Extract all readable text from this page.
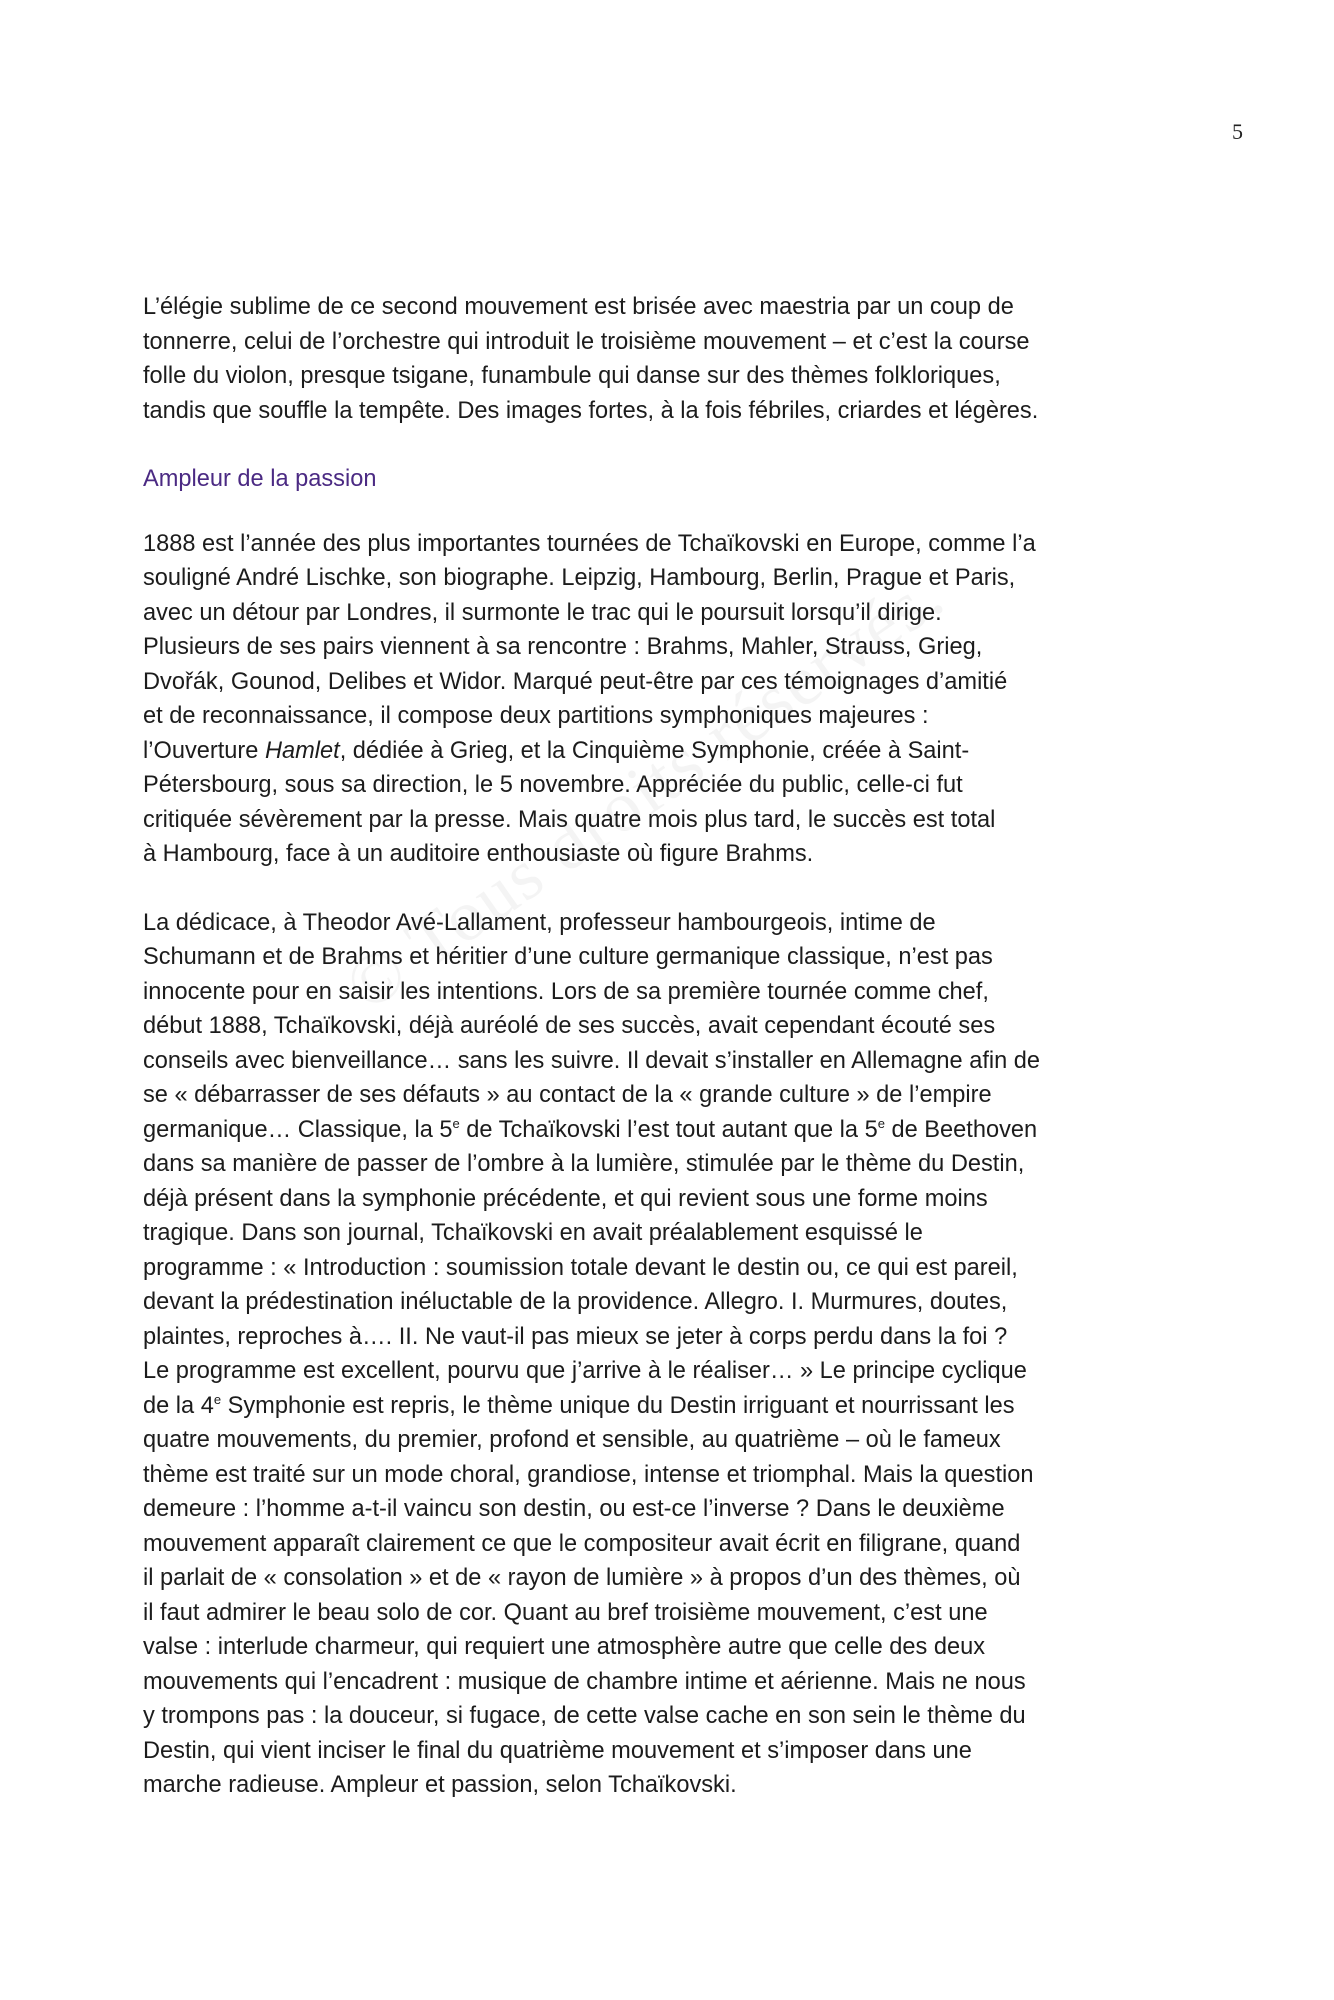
5

L’élégie sublime de ce second mouvement est brisée avec maestria par un coup de
tonnerre, celui de l’orchestre qui introduit le troisième mouvement – et c’est la course
folle du violon, presque tsigane, funambule qui danse sur des thèmes folkloriques,
tandis que souffle la tempête. Des images fortes, à la fois fébriles, criardes et légères.

Ampleur de la passion

1888 est l’année des plus importantes tournées de Tchaïkovski en Europe, comme l’a
souligné André Lischke, son biographe. Leipzig, Hambourg, Berlin, Prague et Paris,
avec un détour par Londres, il surmonte le trac qui le poursuit lorsqu’il dirige.
Plusieurs de ses pairs viennent à sa rencontre : Brahms, Mahler, Strauss, Grieg,
Dvořák, Gounod, Delibes et Widor. Marqué peut-être par ces témoignages d’amitié
et de reconnaissance, il compose deux partitions symphoniques majeures :
l’Ouverture Hamlet, dédiée à Grieg, et la Cinquième Symphonie, créée à Saint-
Pétersbourg, sous sa direction, le 5 novembre. Appréciée du public, celle-ci fut
critiquée sévèrement par la presse. Mais quatre mois plus tard, le succès est total
à Hambourg, face à un auditoire enthousiaste où figure Brahms.

La dédicace, à Theodor Avé-Lallament, professeur hambourgeois, intime de
Schumann et de Brahms et héritier d’une culture germanique classique, n’est pas
innocente pour en saisir les intentions. Lors de sa première tournée comme chef,
début 1888, Tchaïkovski, déjà auréolé de ses succès, avait cependant écouté ses
conseils avec bienveillance… sans les suivre. Il devait s’installer en Allemagne afin de
se « débarrasser de ses défauts » au contact de la « grande culture » de l’empire
germanique… Classique, la 5e de Tchaïkovski l’est tout autant que la 5e de Beethoven
dans sa manière de passer de l’ombre à la lumière, stimulée par le thème du Destin,
déjà présent dans la symphonie précédente, et qui revient sous une forme moins
tragique. Dans son journal, Tchaïkovski en avait préalablement esquissé le
programme : « Introduction : soumission totale devant le destin ou, ce qui est pareil,
devant la prédestination inéluctable de la providence. Allegro. I. Murmures, doutes,
plaintes, reproches à…. II. Ne vaut-il pas mieux se jeter à corps perdu dans la foi ?
Le programme est excellent, pourvu que j’arrive à le réaliser… » Le principe cyclique
de la 4e Symphonie est repris, le thème unique du Destin irriguant et nourrissant les
quatre mouvements, du premier, profond et sensible, au quatrième – où le fameux
thème est traité sur un mode choral, grandiose, intense et triomphal. Mais la question
demeure : l’homme a-t-il vaincu son destin, ou est-ce l’inverse ? Dans le deuxième
mouvement apparaît clairement ce que le compositeur avait écrit en filigrane, quand
il parlait de « consolation » et de « rayon de lumière » à propos d’un des thèmes, où
il faut admirer le beau solo de cor. Quant au bref troisième mouvement, c’est une
valse : interlude charmeur, qui requiert une atmosphère autre que celle des deux
mouvements qui l’encadrent : musique de chambre intime et aérienne. Mais ne nous
y trompons pas : la douceur, si fugace, de cette valse cache en son sein le thème du
Destin, qui vient inciser le final du quatrième mouvement et s’imposer dans une
marche radieuse. Ampleur et passion, selon Tchaïkovski.
